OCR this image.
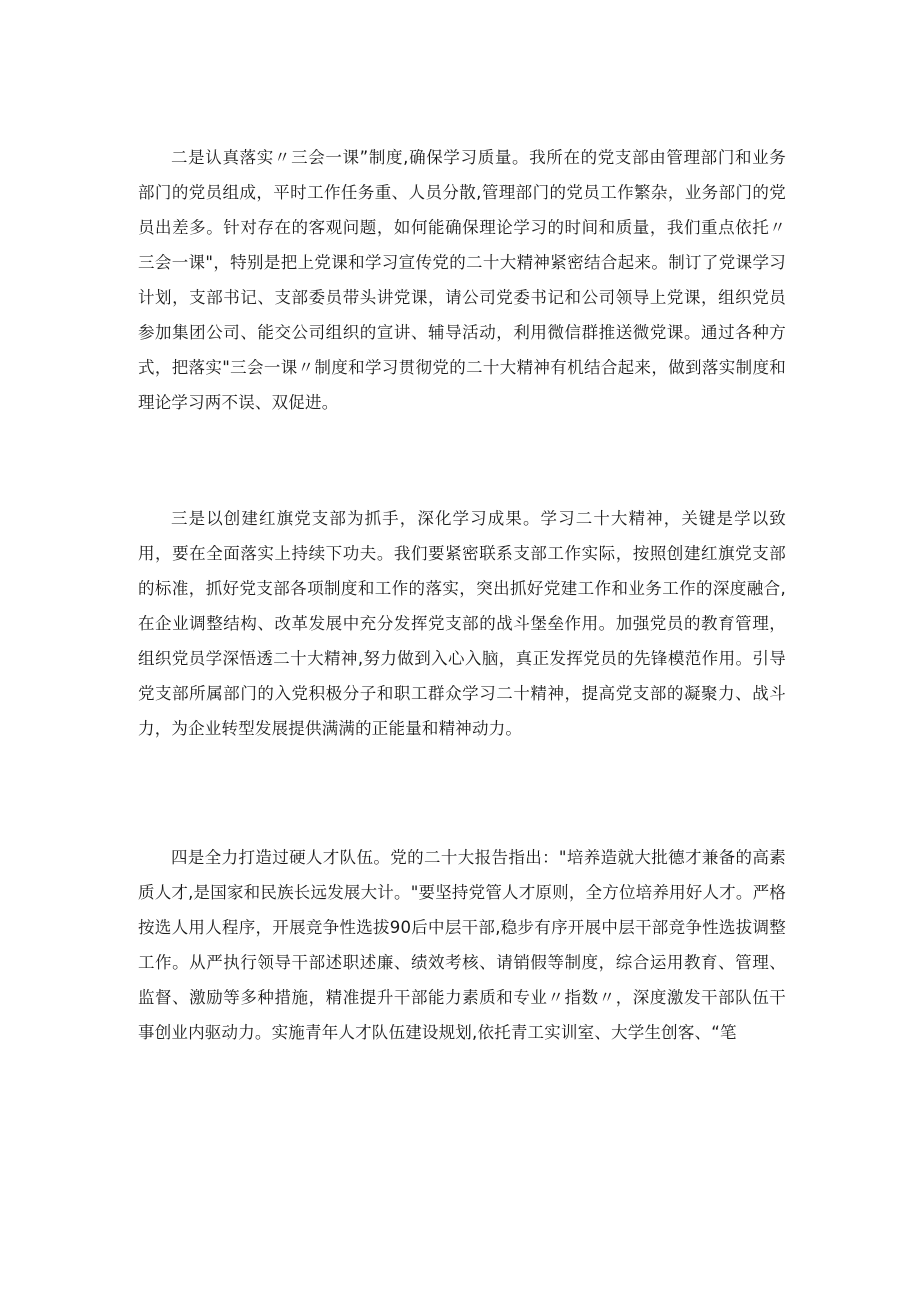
二是认真落实〃三会一课”制度,确保学习质量。我所在的党支部由管理部门和业务部门的党员组成，平时工作任务重、人员分散,管理部门的党员工作繁杂，业务部门的党员出差多。针对存在的客观问题，如何能确保理论学习的时间和质量，我们重点依托〃三会一课"，特别是把上党课和学习宣传党的二十大精神紧密结合起来。制订了党课学习计划，支部书记、支部委员带头讲党课，请公司党委书记和公司领导上党课，组织党员参加集团公司、能交公司组织的宣讲、辅导活动，利用微信群推送微党课。通过各种方式，把落实"三会一课〃制度和学习贯彻党的二十大精神有机结合起来，做到落实制度和理论学习两不误、双促进。

三是以创建红旗党支部为抓手，深化学习成果。学习二十大精神，关键是学以致用，要在全面落实上持续下功夫。我们要紧密联系支部工作实际，按照创建红旗党支部的标准，抓好党支部各项制度和工作的落实，突出抓好党建工作和业务工作的深度融合,在企业调整结构、改革发展中充分发挥党支部的战斗堡垒作用。加强党员的教育管理，组织党员学深悟透二十大精神,努力做到入心入脑，真正发挥党员的先锋模范作用。引导党支部所属部门的入党积极分子和职工群众学习二十精神，提高党支部的凝聚力、战斗力，为企业转型发展提供满满的正能量和精神动力。

四是全力打造过硬人才队伍。党的二十大报告指出："培养造就大批德才兼备的高素质人才,是国家和民族长远发展大计。"要坚持党管人才原则，全方位培养用好人才。严格按选人用人程序，开展竞争性选拔90后中层干部,稳步有序开展中层干部竞争性选拔调整工作。从严执行领导干部述职述廉、绩效考核、请销假等制度，综合运用教育、管理、监督、激励等多种措施，精准提升干部能力素质和专业〃指数〃，深度激发干部队伍干事创业内驱动力。实施青年人才队伍建设规划,依托青工实训室、大学生创客、“笔
